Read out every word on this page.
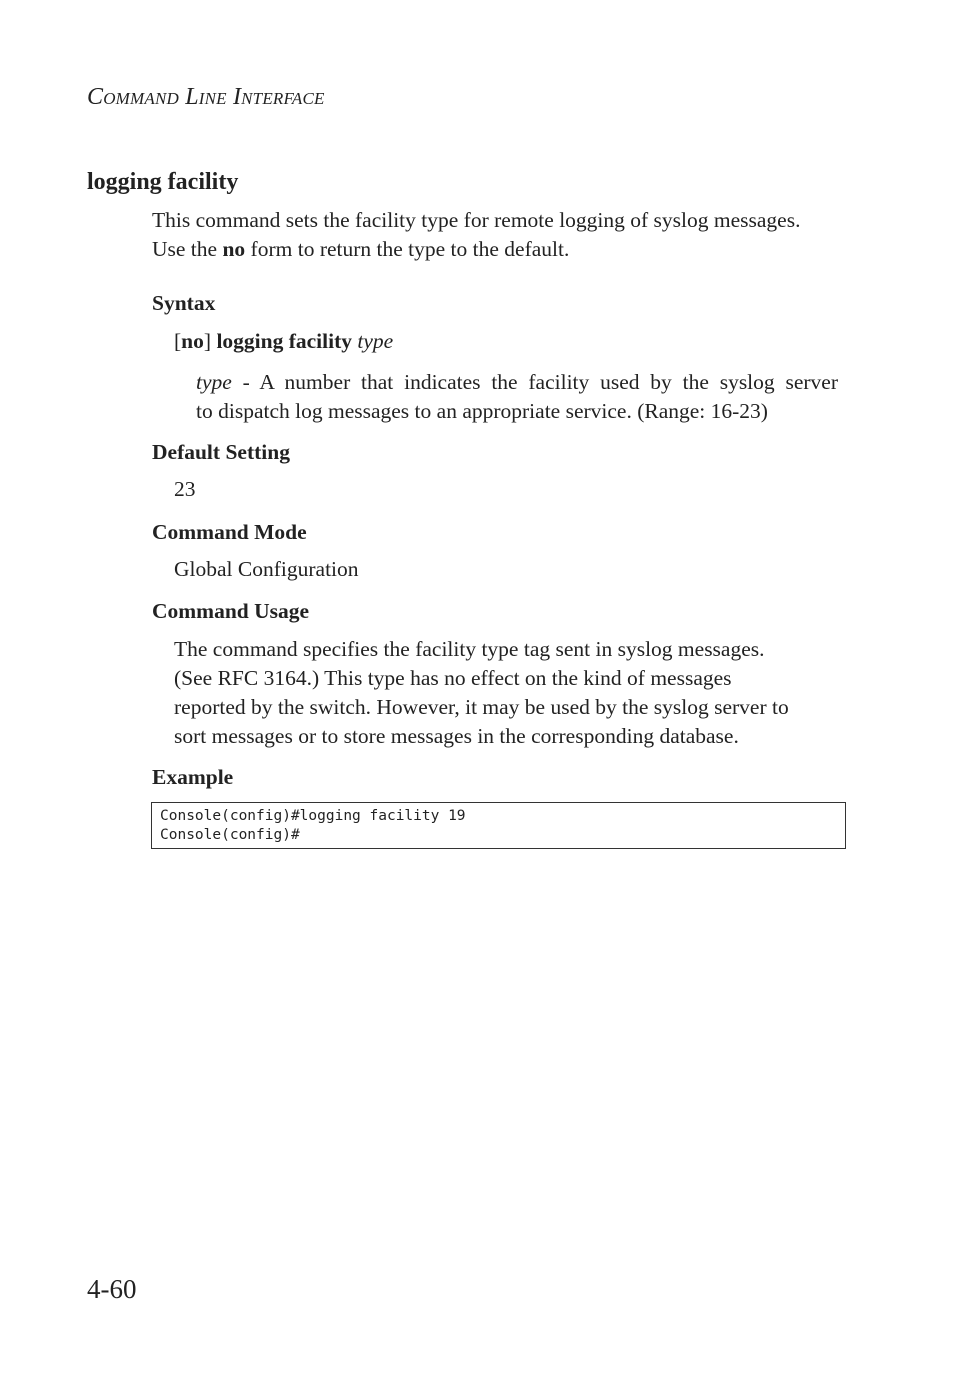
Command Line Interface

logging facility
This command sets the facility type for remote logging of syslog messages.
Use the no form to return the type to the default.
Syntax
[no] logging facility type
type - A number that indicates the facility used by the syslog server
to dispatch log messages to an appropriate service. (Range: 16-23)
Default Setting

23

Command Mode

Global Configuration

Command Usage
The command specifies the facility type tag sent in syslog messages.
(See RFC 3164.) This type has no effect on the kind of messages
reported by the switch. However, it may be used by the syslog server to
sort messages or to store messages in the corresponding database.
Example
Console(config)#logging facility 19
Console(config)#

4-60
